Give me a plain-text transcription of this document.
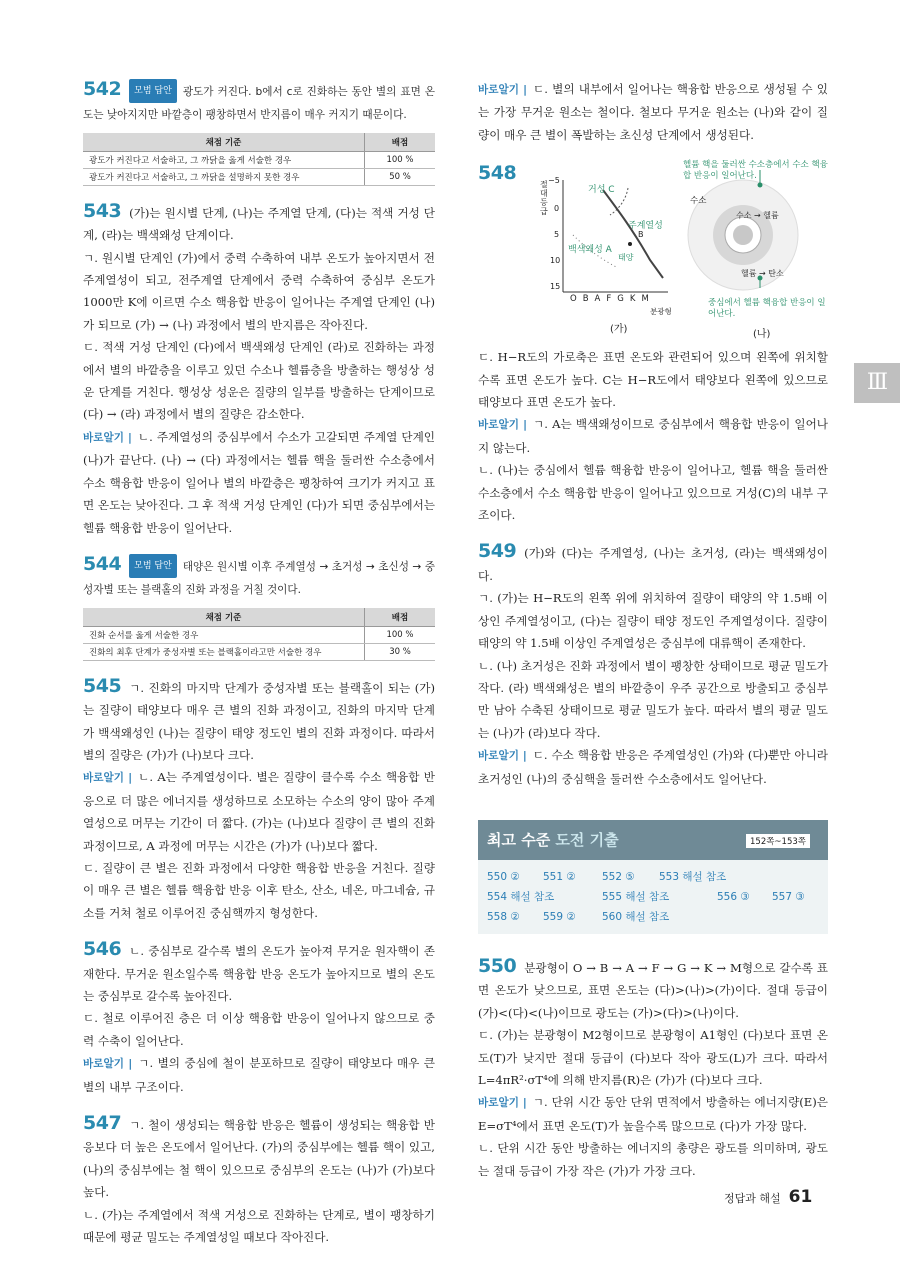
542 모범 답안 광도가 커진다. b에서 c로 진화하는 동안 별의 표면 온도는 낮아지지만 바깥층이 팽창하면서 반지름이 매우 커지기 때문이다.

채점 기준	배점
광도가 커진다고 서술하고, 그 까닭을 옳게 서술한 경우	100 %
광도가 커진다고 서술하고, 그 까닭을 설명하지 못한 경우	50 %

543 (가)는 원시별 단계, (나)는 주계열 단계, (다)는 적색 거성 단계, (라)는 백색왜성 단계이다.

ㄱ. 원시별 단계인 (가)에서 중력 수축하여 내부 온도가 높아지면서 전주계열성이 되고, 전주계열 단계에서 중력 수축하여 중심부 온도가 1000만 K에 이르면 수소 핵융합 반응이 일어나는 주계열 단계인 (나)가 되므로 (가) → (나) 과정에서 별의 반지름은 작아진다.

ㄷ. 적색 거성 단계인 (다)에서 백색왜성 단계인 (라)로 진화하는 과정에서 별의 바깥층을 이루고 있던 수소나 헬륨층을 방출하는 행성상 성운 단계를 거친다. 행성상 성운은 질량의 일부를 방출하는 단계이므로 (다) → (라) 과정에서 별의 질량은 감소한다.

바로알기 | ㄴ. 주계열성의 중심부에서 수소가 고갈되면 주계열 단계인 (나)가 끝난다. (나) → (다) 과정에서는 헬륨 핵을 둘러싼 수소층에서 수소 핵융합 반응이 일어나 별의 바깥층은 팽창하여 크기가 커지고 표면 온도는 낮아진다. 그 후 적색 거성 단계인 (다)가 되면 중심부에서는 헬륨 핵융합 반응이 일어난다.

544 모범 답안 태양은 원시별 이후 주계열성 → 초거성 → 초신성 → 중성자별 또는 블랙홀의 진화 과정을 거칠 것이다.

채점 기준	배점
진화 순서를 옳게 서술한 경우	100 %
진화의 최후 단계가 중성자별 또는 블랙홀이라고만 서술한 경우	30 %

545 ㄱ. 진화의 마지막 단계가 중성자별 또는 블랙홀이 되는 (가)는 질량이 태양보다 매우 큰 별의 진화 과정이고, 진화의 마지막 단계가 백색왜성인 (나)는 질량이 태양 정도인 별의 진화 과정이다. 따라서 별의 질량은 (가)가 (나)보다 크다.

바로알기 | ㄴ. A는 주계열성이다. 별은 질량이 클수록 수소 핵융합 반응으로 더 많은 에너지를 생성하므로 소모하는 수소의 양이 많아 주계열성으로 머무는 기간이 더 짧다. (가)는 (나)보다 질량이 큰 별의 진화 과정이므로, A 과정에 머무는 시간은 (가)가 (나)보다 짧다.

ㄷ. 질량이 큰 별은 진화 과정에서 다양한 핵융합 반응을 거친다. 질량이 매우 큰 별은 헬륨 핵융합 반응 이후 탄소, 산소, 네온, 마그네슘, 규소를 거쳐 철로 이루어진 중심핵까지 형성한다.

546 ㄴ. 중심부로 갈수록 별의 온도가 높아져 무거운 원자핵이 존재한다. 무거운 원소일수록 핵융합 반응 온도가 높아지므로 별의 온도는 중심부로 갈수록 높아진다.

ㄷ. 철로 이루어진 층은 더 이상 핵융합 반응이 일어나지 않으므로 중력 수축이 일어난다.

바로알기 | ㄱ. 별의 중심에 철이 분포하므로 질량이 태양보다 매우 큰 별의 내부 구조이다.

547 ㄱ. 철이 생성되는 핵융합 반응은 헬륨이 생성되는 핵융합 반응보다 더 높은 온도에서 일어난다. (가)의 중심부에는 헬륨 핵이 있고, (나)의 중심부에는 철 핵이 있으므로 중심부의 온도는 (나)가 (가)보다 높다.

ㄴ. (가)는 주계열에서 적색 거성으로 진화하는 단계로, 별이 팽창하기 때문에 평균 밀도는 주계열성일 때보다 작아진다.

바로알기 | ㄷ. 별의 내부에서 일어나는 핵융합 반응으로 생성될 수 있는 가장 무거운 원소는 철이다. 철보다 무거운 원소는 (나)와 같이 질량이 매우 큰 별이 폭발하는 초신성 단계에서 생성된다.

548
절대등급
−5
0
5
10
15
OBAFGKM
분광형
거성 C
주계열성
B
백색왜성 A
태양
(가)
헬륨 핵을 둘러싼 수소층에서 수소 핵융합 반응이 일어난다.
수소
수소 → 헬륨
헬륨 → 탄소
중심에서 헬륨 핵융합 반응이 일어난다.
(나)

ㄷ. H−R도의 가로축은 표면 온도와 관련되어 있으며 왼쪽에 위치할수록 표면 온도가 높다. C는 H−R도에서 태양보다 왼쪽에 있으므로 태양보다 표면 온도가 높다.

바로알기 | ㄱ. A는 백색왜성이므로 중심부에서 핵융합 반응이 일어나지 않는다.

ㄴ. (나)는 중심에서 헬륨 핵융합 반응이 일어나고, 헬륨 핵을 둘러싼 수소층에서 수소 핵융합 반응이 일어나고 있으므로 거성(C)의 내부 구조이다.

549 (가)와 (다)는 주계열성, (나)는 초거성, (라)는 백색왜성이다.

ㄱ. (가)는 H−R도의 왼쪽 위에 위치하여 질량이 태양의 약 1.5배 이상인 주계열성이고, (다)는 질량이 태양 정도인 주계열성이다. 질량이 태양의 약 1.5배 이상인 주계열성은 중심부에 대류핵이 존재한다.

ㄴ. (나) 초거성은 진화 과정에서 별이 팽창한 상태이므로 평균 밀도가 작다. (라) 백색왜성은 별의 바깥층이 우주 공간으로 방출되고 중심부만 남아 수축된 상태이므로 평균 밀도가 높다. 따라서 별의 평균 밀도는 (나)가 (라)보다 작다.

바로알기 | ㄷ. 수소 핵융합 반응은 주계열성인 (가)와 (다)뿐만 아니라 초거성인 (나)의 중심핵을 둘러싼 수소층에서도 일어난다.

최고 수준 도전 기출	152쪽~153쪽
550 ② 551 ② 552 ⑤ 553 해설 참조
554 해설 참조	555 해설 참조	556 ③ 557 ③
558 ② 559 ② 560 해설 참조

550 분광형이 O → B → A → F → G → K → M형으로 갈수록 표면 온도가 낮으므로, 표면 온도는 (다)>(나)>(가)이다. 절대 등급이 (가)<(다)<(나)이므로 광도는 (가)>(다)>(나)이다.

ㄷ. (가)는 분광형이 M2형이므로 분광형이 A1형인 (다)보다 표면 온도(T)가 낮지만 절대 등급이 (다)보다 작아 광도(L)가 크다. 따라서 L=4πR²·σT⁴에 의해 반지름(R)은 (가)가 (다)보다 크다.

바로알기 | ㄱ. 단위 시간 동안 단위 면적에서 방출하는 에너지량(E)은 E=σT⁴에서 표면 온도(T)가 높을수록 많으므로 (다)가 가장 많다.

ㄴ. 단위 시간 동안 방출하는 에너지의 총량은 광도를 의미하며, 광도는 절대 등급이 가장 작은 (가)가 가장 크다.

Ⅲ
정답과 해설 61
